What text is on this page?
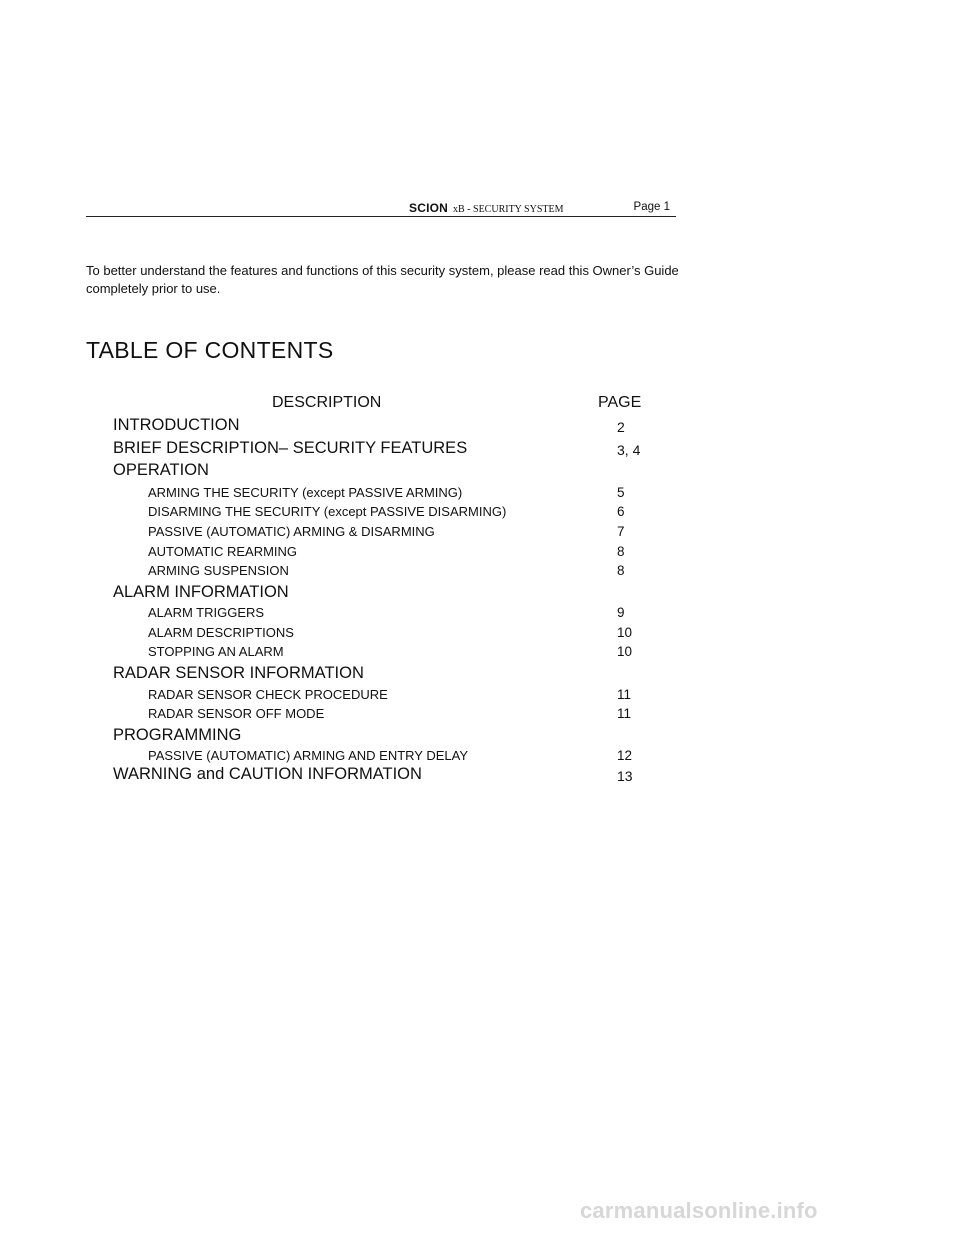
SCION xB - SECURITY SYSTEM	Page 1

To better understand the features and functions of this security system, please read this Owner’s Guide completely prior to use.

TABLE OF CONTENTS
DESCRIPTION	PAGE
INTRODUCTION	2
BRIEF DESCRIPTION– SECURITY FEATURES	3, 4
OPERATION
ARMING THE SECURITY (except PASSIVE ARMING)	5
DISARMING THE SECURITY (except PASSIVE DISARMING)	6
PASSIVE (AUTOMATIC) ARMING & DISARMING	7
AUTOMATIC REARMING	8
ARMING SUSPENSION	8
ALARM INFORMATION
ALARM TRIGGERS	9
ALARM DESCRIPTIONS	10
STOPPING AN ALARM	10
RADAR SENSOR INFORMATION
RADAR SENSOR CHECK PROCEDURE	11
RADAR SENSOR OFF MODE	11
PROGRAMMING
PASSIVE (AUTOMATIC) ARMING AND ENTRY DELAY	12
WARNING and CAUTION INFORMATION	13
carmanualsonline.info
